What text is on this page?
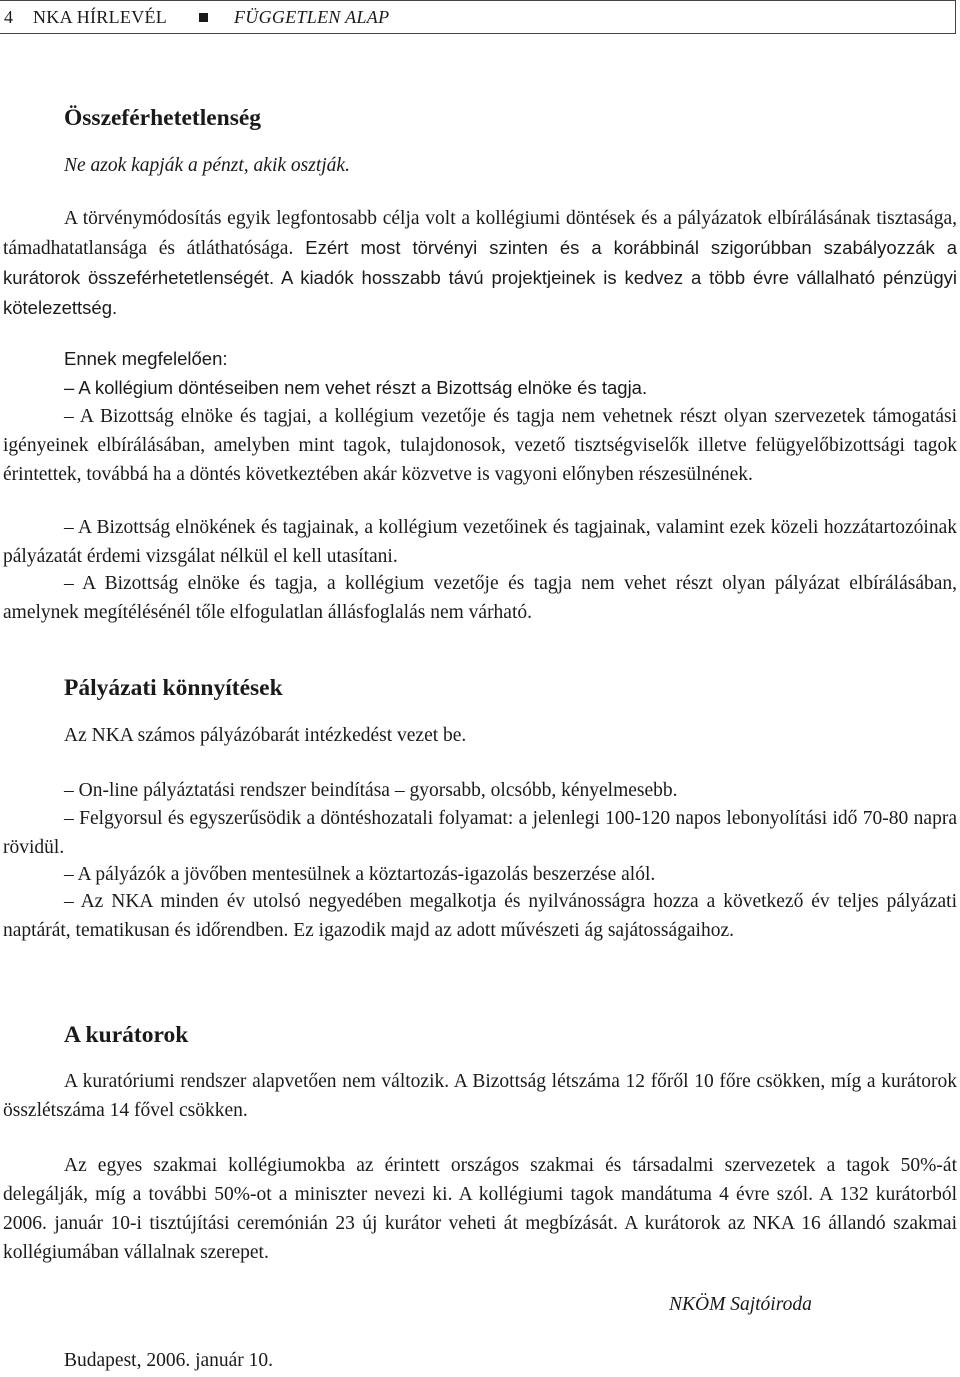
4 NKA HÍRLEVÉL	FÜGGETLEN ALAP
Összeférhetetlenség

Ne azok kapják a pénzt, akik osztják.

A törvénymódosítás egyik legfontosabb célja volt a kollégiumi döntések és a pályázatok elbírálásának tisztasága, támadhatatlansága és átláthatósága. Ezért most törvényi szinten és a korábbinál szigorúbban szabályozzák a kurátorok összeférhetetlenségét. A kiadók hosszabb távú projektjeinek is kedvez a több évre vállalható pénzügyi kötelezettség.

Ennek megfelelően:

– A kollégium döntéseiben nem vehet részt a Bizottság elnöke és tagja.

– A Bizottság elnöke és tagjai, a kollégium vezetője és tagja nem vehetnek részt olyan szervezetek támogatási igényeinek elbírálásában, amelyben mint tagok, tulajdonosok, vezető tisztségviselők illetve felügyelőbizottsági tagok érintettek, továbbá ha a döntés következtében akár közvetve is vagyoni előnyben részesülnének.

– A Bizottság elnökének és tagjainak, a kollégium vezetőinek és tagjainak, valamint ezek közeli hozzátartozóinak pályázatát érdemi vizsgálat nélkül el kell utasítani.

– A Bizottság elnöke és tagja, a kollégium vezetője és tagja nem vehet részt olyan pályázat elbírálásában, amelynek megítélésénél tőle elfogulatlan állásfoglalás nem várható.

Pályázati könnyítések

Az NKA számos pályázóbarát intézkedést vezet be.

– On-line pályáztatási rendszer beindítása – gyorsabb, olcsóbb, kényelmesebb.

– Felgyorsul és egyszerűsödik a döntéshozatali folyamat: a jelenlegi 100-120 napos lebonyolítási idő 70-80 napra rövidül.

– A pályázók a jövőben mentesülnek a köztartozás-igazolás beszerzése alól.

– Az NKA minden év utolsó negyedében megalkotja és nyilvánosságra hozza a következő év teljes pályázati naptárát, tematikusan és időrendben. Ez igazodik majd az adott művészeti ág sajátosságaihoz.

A kurátorok

A kuratóriumi rendszer alapvetően nem változik. A Bizottság létszáma 12 főről 10 főre csökken, míg a kurátorok összlétszáma 14 fővel csökken.

Az egyes szakmai kollégiumokba az érintett országos szakmai és társadalmi szervezetek a tagok 50%-át delegálják, míg a további 50%-ot a miniszter nevezi ki. A kollégiumi tagok mandátuma 4 évre szól. A 132 kurátorból 2006. január 10-i tisztújítási ceremónián 23 új kurátor veheti át megbízását. A kurátorok az NKA 16 állandó szakmai kollégiumában vállalnak szerepet.

NKÖM Sajtóiroda
Budapest, 2006. január 10.
